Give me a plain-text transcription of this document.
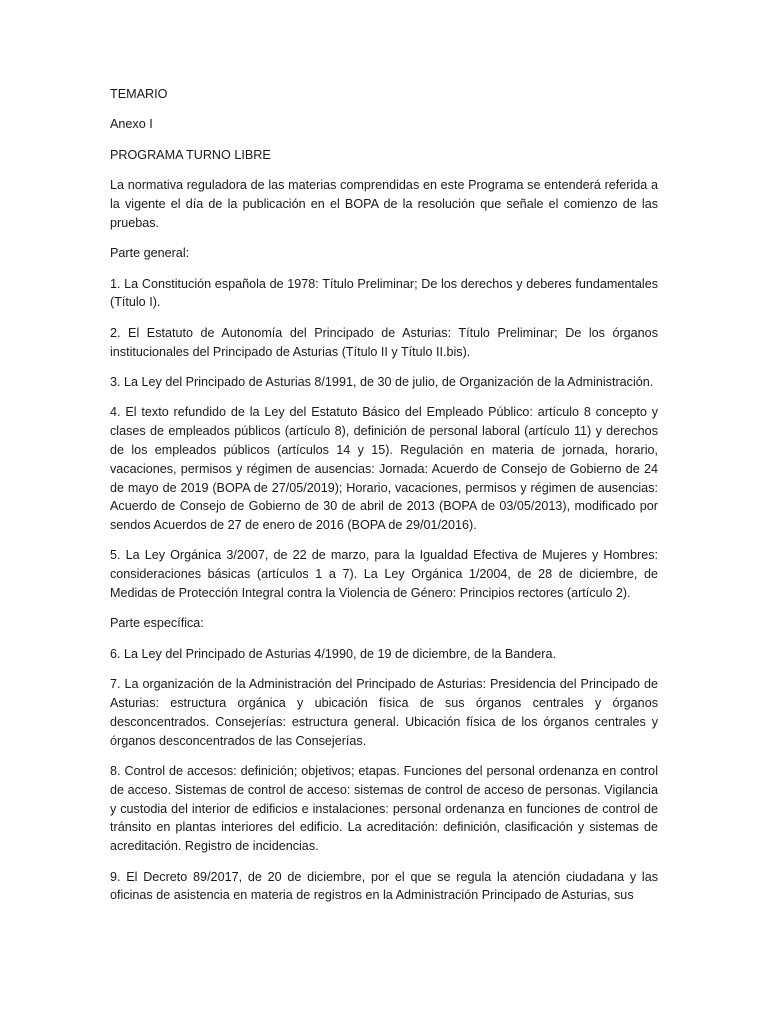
TEMARIO

Anexo I

PROGRAMA TURNO LIBRE

La normativa reguladora de las materias comprendidas en este Programa se entenderá referida a la vigente el día de la publicación en el BOPA de la resolución que señale el comienzo de las pruebas.

Parte general:

1. La Constitución española de 1978: Título Preliminar; De los derechos y deberes fundamentales (Título I).

2. El Estatuto de Autonomía del Principado de Asturias: Título Preliminar; De los órganos institucionales del Principado de Asturias (Título II y Título II.bis).

3. La Ley del Principado de Asturias 8/1991, de 30 de julio, de Organización de la Administración.

4. El texto refundido de la Ley del Estatuto Básico del Empleado Público: artículo 8 concepto y clases de empleados públicos (artículo 8), definición de personal laboral (artículo 11) y derechos de los empleados públicos (artículos 14 y 15). Regulación en materia de jornada, horario, vacaciones, permisos y régimen de ausencias: Jornada: Acuerdo de Consejo de Gobierno de 24 de mayo de 2019 (BOPA de 27/05/2019); Horario, vacaciones, permisos y régimen de ausencias: Acuerdo de Consejo de Gobierno de 30 de abril de 2013 (BOPA de 03/05/2013), modificado por sendos Acuerdos de 27 de enero de 2016 (BOPA de 29/01/2016).

5. La Ley Orgánica 3/2007, de 22 de marzo, para la Igualdad Efectiva de Mujeres y Hombres: consideraciones básicas (artículos 1 a 7). La Ley Orgánica 1/2004, de 28 de diciembre, de Medidas de Protección Integral contra la Violencia de Género: Principios rectores (artículo 2).

Parte específica:

6. La Ley del Principado de Asturias 4/1990, de 19 de diciembre, de la Bandera.

7. La organización de la Administración del Principado de Asturias: Presidencia del Principado de Asturias: estructura orgánica y ubicación física de sus órganos centrales y órganos desconcentrados. Consejerías: estructura general. Ubicación física de los órganos centrales y órganos desconcentrados de las Consejerías.

8. Control de accesos: definición; objetivos; etapas. Funciones del personal ordenanza en control de acceso. Sistemas de control de acceso: sistemas de control de acceso de personas. Vigilancia y custodia del interior de edificios e instalaciones: personal ordenanza en funciones de control de tránsito en plantas interiores del edificio. La acreditación: definición, clasificación y sistemas de acreditación. Registro de incidencias.

9. El Decreto 89/2017, de 20 de diciembre, por el que se regula la atención ciudadana y las oficinas de asistencia en materia de registros en la Administración Principado de Asturias, sus
